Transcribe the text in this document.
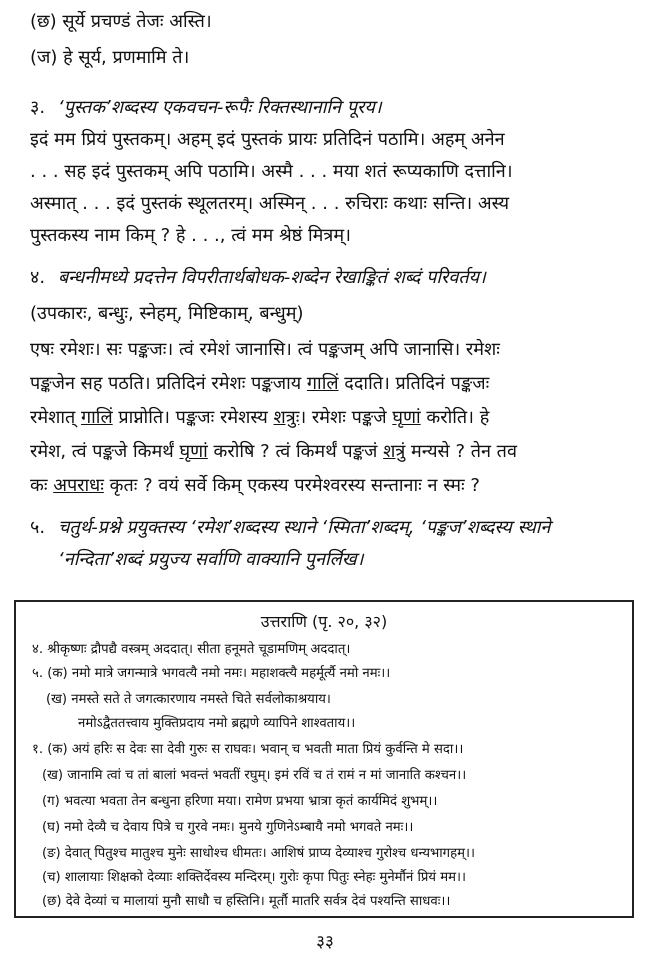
(छ) सूर्ये प्रचण्डं तेजः अस्ति।
(ज) हे सूर्य, प्रणमामि ते।
३. ‘पुस्तक’शब्दस्य एकवचन-रूपैः रिक्तस्थानानि पूरय।
इदं मम प्रियं पुस्तकम्। अहम् इदं पुस्तकं प्रायः प्रतिदिनं पठामि। अहम् अनेन
. . . सह इदं पुस्तकम् अपि पठामि। अस्मै . . . मया शतं रूप्यकाणि दत्तानि।
अस्मात् . . . इदं पुस्तकं स्थूलतरम्। अस्मिन् . . . रुचिराः कथाः सन्ति। अस्य
पुस्तकस्य नाम किम् ? हे . . ., त्वं मम श्रेष्ठं मित्रम्।
४. बन्धनीमध्ये प्रदत्तेन विपरीतार्थबोधक-शब्देन रेखाङ्कितं शब्दं परिवर्तय।
(उपकारः, बन्धुः, स्नेहम्, मिष्टिकाम्, बन्धुम्)
एषः रमेशः। सः पङ्कजः। त्वं रमेशं जानासि। त्वं पङ्कजम् अपि जानासि। रमेशः
पङ्कजेन सह पठति। प्रतिदिनं रमेशः पङ्कजाय गालिं ददाति। प्रतिदिनं पङ्कजः
रमेशात् गालिं प्राप्नोति। पङ्कजः रमेशस्य शत्रुः। रमेशः पङ्कजे घृणां करोति। हे
रमेश, त्वं पङ्कजे किमर्थं घृणां करोषि ? त्वं किमर्थं पङ्कजं शत्रुं मन्यसे ? तेन तव
कः अपराधः कृतः ? वयं सर्वे किम् एकस्य परमेश्वरस्य सन्तानाः न स्मः ?
५. चतुर्थ-प्रश्ने प्रयुक्तस्य ‘रमेश’शब्दस्य स्थाने ‘स्मिता’शब्दम्, ‘पङ्कज’शब्दस्य स्थाने
‘नन्दिता’शब्दं प्रयुज्य सर्वाणि वाक्यानि पुनर्लिख।
उत्तराणि (पृ. २०, ३२)
४. श्रीकृष्णः द्रौपद्यै वस्त्रम् अददात्। सीता हनूमते चूडामणिम् अददात्।
५. (क) नमो मात्रे जगन्मात्रे भगवत्यै नमो नमः। महाशक्त्यै महर्मूर्त्यै नमो नमः।।
(ख) नमस्ते सते ते जगत्कारणाय नमस्ते चिते सर्वलोकाश्रयाय।
नमोऽद्वैततत्त्वाय मुक्तिप्रदाय नमो ब्रह्मणे व्यापिने शाश्वताय।।
१. (क) अयं हरिः स देवः सा देवी गुरुः स राघवः। भवान् च भवती माता प्रियं कुर्वन्ति मे सदा।।
(ख) जानामि त्वां च तां बालां भवन्तं भवतीं रघुम्। इमं रविं च तं रामं न मां जानाति कश्चन।।
(ग) भवत्या भवता तेन बन्धुना हरिणा मया। रामेण प्रभया भ्रात्रा कृतं कार्यमिदं शुभम्।।
(घ) नमो देव्यै च देवाय पित्रे च गुरवे नमः। मुनये गुणिनेऽम्बायै नमो भगवते नमः।।
(ङ) देवात् पितुश्च मातुश्च मुनेः साधोश्च धीमतः। आशिषं प्राप्य देव्याश्च गुरोश्च धन्यभागहम्।।
(च) शालायाः शिक्षको देव्याः शक्तिर्देवस्य मन्दिरम्। गुरोः कृपा पितुः स्नेहः मुनेर्मौनं प्रियं मम।।
(छ) देवे देव्यां च मालायां मुनौ साधौ च हस्तिनि। मूर्तौ मातरि सर्वत्र देवं पश्यन्ति साधवः।।
३३
